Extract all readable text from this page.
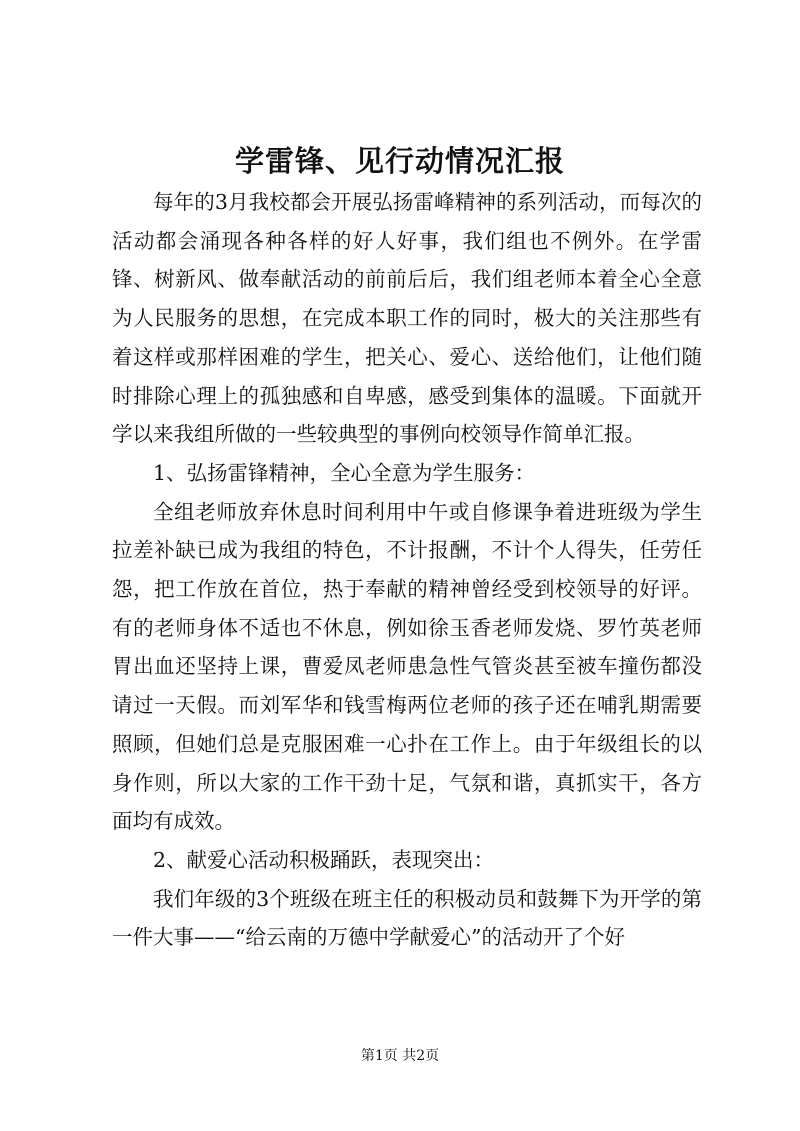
学雷锋、见行动情况汇报

每年的3月我校都会开展弘扬雷峰精神的系列活动，而每次的活动都会涌现各种各样的好人好事，我们组也不例外。在学雷锋、树新风、做奉献活动的前前后后，我们组老师本着全心全意为人民服务的思想，在完成本职工作的同时，极大的关注那些有着这样或那样困难的学生，把关心、爱心、送给他们，让他们随时排除心理上的孤独感和自卑感，感受到集体的温暖。下面就开学以来我组所做的一些较典型的事例向校领导作简单汇报。

1、弘扬雷锋精神，全心全意为学生服务：

全组老师放弃休息时间利用中午或自修课争着进班级为学生拉差补缺已成为我组的特色，不计报酬，不计个人得失，任劳任怨，把工作放在首位，热于奉献的精神曾经受到校领导的好评。有的老师身体不适也不休息，例如徐玉香老师发烧、罗竹英老师胃出血还坚持上课，曹爱凤老师患急性气管炎甚至被车撞伤都没请过一天假。而刘军华和钱雪梅两位老师的孩子还在哺乳期需要照顾，但她们总是克服困难一心扑在工作上。由于年级组长的以身作则，所以大家的工作干劲十足，气氛和谐，真抓实干，各方面均有成效。

2、献爱心活动积极踊跃，表现突出：

我们年级的3个班级在班主任的积极动员和鼓舞下为开学的第一件大事——“给云南的万德中学献爱心”的活动开了个好

第1页 共2页
